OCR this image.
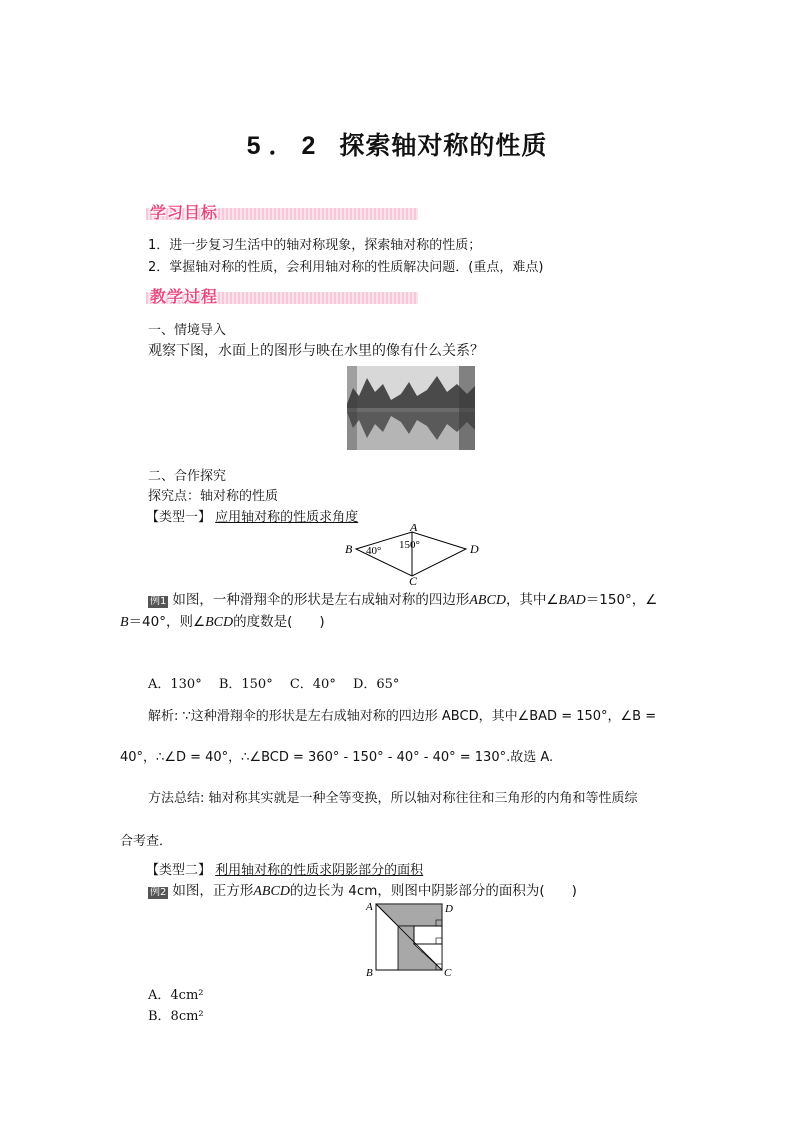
5．2 探索轴对称的性质
学习目标
1．进一步复习生活中的轴对称现象，探索轴对称的性质；
2．掌握轴对称的性质，会利用轴对称的性质解决问题．(重点，难点)
教学过程
一、情境导入
观察下图，水面上的图形与映在水里的像有什么关系？
二、合作探究
探究点：轴对称的性质
【类型一】 应用轴对称的性质求角度
B
A
D
C
40° 150°
例1 如图，一种滑翔伞的形状是左右成轴对称的四边形ABCD，其中∠BAD＝150°，∠
B＝40°，则∠BCD的度数是(　　)
A．130°　 B．150°　 C．40°　 D．65°
解析: ∵这种滑翔伞的形状是左右成轴对称的四边形 ABCD，其中∠BAD = 150°，∠B =
40°，∴∠D = 40°，∴∠BCD = 360° - 150° - 40° - 40° = 130°.故选 A.
方法总结: 轴对称其实就是一种全等变换，所以轴对称往往和三角形的内角和等性质综
合考查．
【类型二】 利用轴对称的性质求阴影部分的面积
例2 如图，正方形ABCD的边长为 4cm，则图中阴影部分的面积为(　　)
A	D
B	C
A．4cm²
B．8cm²
